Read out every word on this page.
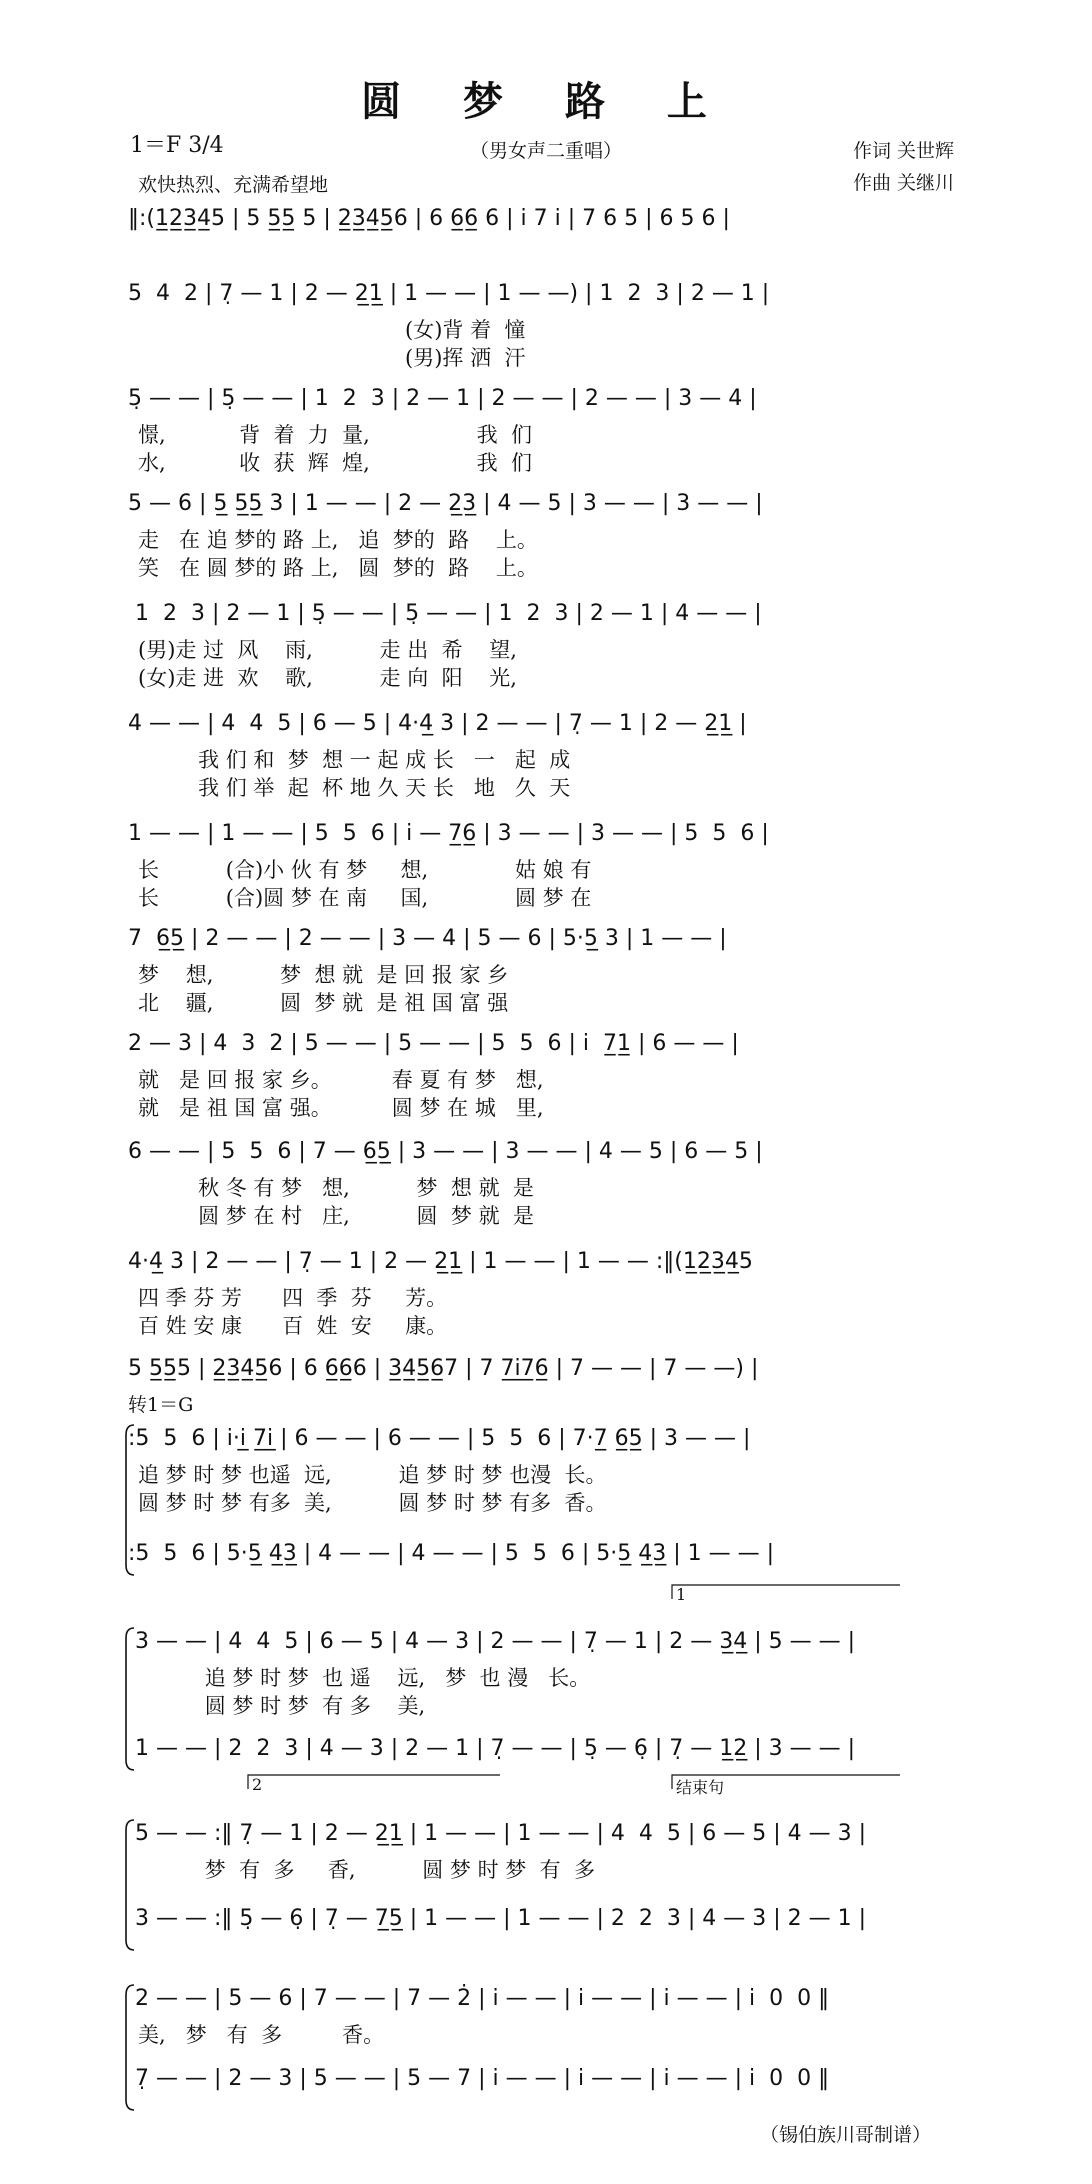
圆 梦 路 上
（男女声二重唱）
1＝F 3/4
欢快热烈、充满希望地
作词 关世辉
作曲 关继川
‖:(1̲2̲3̲4̲5 | 5 5̲5̲ 5 | 2̲3̲4̲5̲6 | 6 6̲6̲ 6 | i 7 i | 7 6 5 | 6 5 6 |
5  4  2 | 7̣ — 1 | 2 — 2̲1̲ | 1 — — | 1 — —) | 1  2  3 | 2 — 1 |
(女)背 着  憧
(男)挥 洒  汗
5̣ — — | 5̣ — — | 1  2  3 | 2 — 1 | 2 — — | 2 — — | 3 — 4 |
憬,           背  着  力  量,                我  们
水,           收  获  辉  煌,                我  们
5 — 6 | 5̲ 5̲5̲ 3 | 1 — — | 2 — 2̲3̲ | 4 — 5 | 3 — — | 3 — — |
走   在 追 梦的 路 上,   追  梦的  路    上。
笑   在 圆 梦的 路 上,   圆  梦的  路    上。
1  2  3 | 2 — 1 | 5̣ — — | 5̣ — — | 1  2  3 | 2 — 1 | 4 — — |
(男)走 过  风    雨,          走 出  希    望,
(女)走 进  欢    歌,          走 向  阳    光,
4 — — | 4  4  5 | 6 — 5 | 4·4̲ 3 | 2 — — | 7̣ — 1 | 2 — 2̲1̲ |
我 们 和  梦  想 一 起 成 长   一   起  成
我 们 举  起  杯 地 久 天 长   地   久  天
1 — — | 1 — — | 5  5  6 | i — 7̲6̲ | 3 — — | 3 — — | 5  5  6 |
长          (合)小 伙 有 梦     想,             姑 娘 有
长          (合)圆 梦 在 南     国,             圆 梦 在
7  6̲5̲ | 2 — — | 2 — — | 3 — 4 | 5 — 6 | 5·5̲ 3 | 1 — — |
梦    想,          梦  想 就  是 回 报 家 乡
北    疆,          圆  梦 就  是 祖 国 富 强
2 — 3 | 4  3  2 | 5 — — | 5 — — | 5  5  6 | i  7̲1̲ | 6 — — |
就   是 回 报 家 乡。         春 夏 有 梦   想,
就   是 祖 国 富 强。         圆 梦 在 城   里,
6 — — | 5  5  6 | 7 — 6̲5̲ | 3 — — | 3 — — | 4 — 5 | 6 — 5 |
秋 冬 有 梦   想,          梦  想 就  是
圆 梦 在 村   庄,          圆  梦 就  是
4·4̲ 3 | 2 — — | 7̣ — 1 | 2 — 2̲1̲ | 1 — — | 1 — — :‖(1̲2̲3̲4̲5
四 季 芬 芳      四  季  芬     芳。
百 姓 安 康      百  姓  安     康。
5 5̲5̲5 | 2̲3̲4̲5̲6 | 6 6̲6̲6 | 3̲4̲5̲6̲7 | 7 7̲i̲7̲6̲ | 7 — — | 7 — —) |
:5  5  6 | i·i̲ 7̲i̲ | 6 — — | 6 — — | 5  5  6 | 7·7̲ 6̲5̲ | 3 — — |
追 梦 时 梦 也遥  远,          追 梦 时 梦 也漫  长。
圆 梦 时 梦 有多  美,          圆 梦 时 梦 有多  香。
:5  5  6 | 5·5̲ 4̲3̲ | 4 — — | 4 — — | 5  5  6 | 5·5̲ 4̲3̲ | 1 — — |
3 — — | 4  4  5 | 6 — 5 | 4 — 3 | 2 — — | 7̣ — 1 | 2 — 3̲4̲ | 5 — — |
追 梦 时 梦  也 遥    远,   梦  也 漫   长。
圆 梦 时 梦  有 多    美,
1 — — | 2  2  3 | 4 — 3 | 2 — 1 | 7̣ — — | 5̣ — 6̣ | 7̣ — 1̲2̲ | 3 — — |
5 — — :‖ 7̣ — 1 | 2 — 2̲1̲ | 1 — — | 1 — — | 4  4  5 | 6 — 5 | 4 — 3 |
梦  有  多     香,          圆 梦 时 梦  有  多
3 — — :‖ 5̣ — 6̣ | 7̣ — 7̲5̲ | 1 — — | 1 — — | 2  2  3 | 4 — 3 | 2 — 1 |
2 — — | 5 — 6 | 7 — — | 7 — 2̇ | i — — | i — — | i — — | i  0  0 ‖
美,   梦   有  多         香。
7̣ — — | 2 — 3 | 5 — — | 5 — 7 | i — — | i — — | i — — | i  0  0 ‖
转1＝G
1
2	结束句
（锡伯族川哥制谱）
